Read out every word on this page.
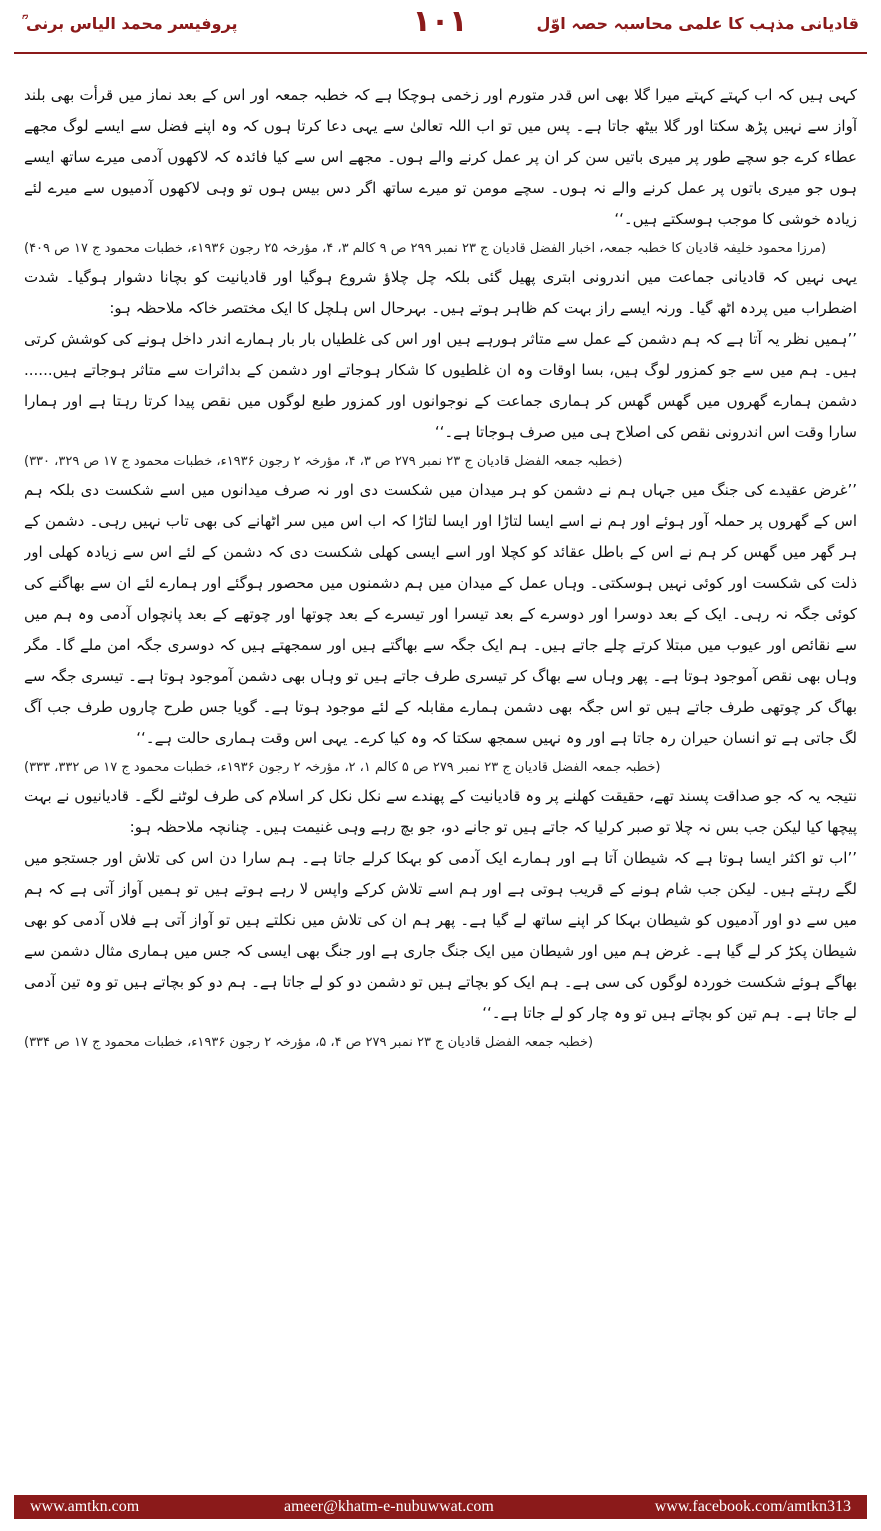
پروفیسر محمد الیاس برنی ؒ	۱۰۱	قادیانی مذہب کا علمی محاسبہ حصہ اوّل

کہی ہیں کہ اب کہتے کہتے میرا گلا بھی اس قدر متورم اور زخمی ہوچکا ہے کہ خطبہ جمعہ اور اس کے بعد نماز میں قرأت بھی بلند آواز سے نہیں پڑھ سکتا اور گلا بیٹھ جاتا ہے۔ پس میں تو اب اللہ تعالیٰ سے یہی دعا کرتا ہوں کہ وہ اپنے فضل سے ایسے لوگ مجھے عطاء کرے جو سچے طور پر میری باتیں سن کر ان پر عمل کرنے والے ہوں۔ مجھے اس سے کیا فائدہ کہ لاکھوں آدمی میرے ساتھ ایسے ہوں جو میری باتوں پر عمل کرنے والے نہ ہوں۔ سچے مومن تو میرے ساتھ اگر دس بیس ہوں تو وہی لاکھوں آدمیوں سے میرے لئے زیادہ خوشی کا موجب ہوسکتے ہیں۔‘‘

(مرزا محمود خلیفہ قادیان کا خطبہ جمعہ، اخبار الفضل قادیان ج ۲۳ نمبر ۲۹۹ ص ۹ کالم ۳، ۴، مؤرخہ ۲۵ رجون ۱۹۳۶ء، خطبات محمود ج ۱۷ ص ۴۰۹)

یہی نہیں کہ قادیانی جماعت میں اندرونی ابتری پھیل گئی بلکہ چل چلاؤ شروع ہوگیا اور قادیانیت کو بچانا دشوار ہوگیا۔ شدت اضطراب میں پردہ اٹھ گیا۔ ورنہ ایسے راز بہت کم ظاہر ہوتے ہیں۔ بہرحال اس ہلچل کا ایک مختصر خاکہ ملاحظہ ہو:

’’ہمیں نظر یہ آتا ہے کہ ہم دشمن کے عمل سے متاثر ہورہے ہیں اور اس کی غلطیاں بار بار ہمارے اندر داخل ہونے کی کوشش کرتی ہیں۔ ہم میں سے جو کمزور لوگ ہیں، بسا اوقات وہ ان غلطیوں کا شکار ہوجاتے اور دشمن کے بداثرات سے متاثر ہوجاتے ہیں...... دشمن ہمارے گھروں میں گھس گھس کر ہماری جماعت کے نوجوانوں اور کمزور طبع لوگوں میں نقص پیدا کرتا رہتا ہے اور ہمارا سارا وقت اس اندرونی نقص کی اصلاح ہی میں صرف ہوجاتا ہے۔‘‘

(خطبہ جمعہ الفضل قادیان ج ۲۳ نمبر ۲۷۹ ص ۳، ۴، مؤرخہ ۲ رجون ۱۹۳۶ء، خطبات محمود ج ۱۷ ص ۳۲۹، ۳۳۰)

’’غرض عقیدے کی جنگ میں جہاں ہم نے دشمن کو ہر میدان میں شکست دی اور نہ صرف میدانوں میں اسے شکست دی بلکہ ہم اس کے گھروں پر حملہ آور ہوئے اور ہم نے اسے ایسا لتاڑا اور ایسا لتاڑا کہ اب اس میں سر اٹھانے کی بھی تاب نہیں رہی۔ دشمن کے ہر گھر میں گھس کر ہم نے اس کے باطل عقائد کو کچلا اور اسے ایسی کھلی شکست دی کہ دشمن کے لئے اس سے زیادہ کھلی اور ذلت کی شکست اور کوئی نہیں ہوسکتی۔ وہاں عمل کے میدان میں ہم دشمنوں میں محصور ہوگئے اور ہمارے لئے ان سے بھاگنے کی کوئی جگہ نہ رہی۔ ایک کے بعد دوسرا اور دوسرے کے بعد تیسرا اور تیسرے کے بعد چوتھا اور چوتھے کے بعد پانچواں آدمی وہ ہم میں سے نقائص اور عیوب میں مبتلا کرتے چلے جاتے ہیں۔ ہم ایک جگہ سے بھاگتے ہیں اور سمجھتے ہیں کہ دوسری جگہ امن ملے گا۔ مگر وہاں بھی نقص آموجود ہوتا ہے۔ پھر وہاں سے بھاگ کر تیسری طرف جاتے ہیں تو وہاں بھی دشمن آموجود ہوتا ہے۔ تیسری جگہ سے بھاگ کر چوتھی طرف جاتے ہیں تو اس جگہ بھی دشمن ہمارے مقابلہ کے لئے موجود ہوتا ہے۔ گویا جس طرح چاروں طرف جب آگ لگ جاتی ہے تو انسان حیران رہ جاتا ہے اور وہ نہیں سمجھ سکتا کہ وہ کیا کرے۔ یہی اس وقت ہماری حالت ہے۔‘‘

(خطبہ جمعہ الفضل قادیان ج ۲۳ نمبر ۲۷۹ ص ۵ کالم ۱، ۲، مؤرخہ ۲ رجون ۱۹۳۶ء، خطبات محمود ج ۱۷ ص ۳۳۲، ۳۳۳)

نتیجہ یہ کہ جو صداقت پسند تھے، حقیقت کھلنے پر وہ قادیانیت کے پھندے سے نکل نکل کر اسلام کی طرف لوٹنے لگے۔ قادیانیوں نے بہت پیچھا کیا لیکن جب بس نہ چلا تو صبر کرلیا کہ جاتے ہیں تو جانے دو، جو بچ رہے وہی غنیمت ہیں۔ چنانچہ ملاحظہ ہو:

’’اب تو اکثر ایسا ہوتا ہے کہ شیطان آتا ہے اور ہمارے ایک آدمی کو بہکا کرلے جاتا ہے۔ ہم سارا دن اس کی تلاش اور جستجو میں لگے رہتے ہیں۔ لیکن جب شام ہونے کے قریب ہوتی ہے اور ہم اسے تلاش کرکے واپس لا رہے ہوتے ہیں تو ہمیں آواز آتی ہے کہ ہم میں سے دو اور آدمیوں کو شیطان بہکا کر اپنے ساتھ لے گیا ہے۔ پھر ہم ان کی تلاش میں نکلتے ہیں تو آواز آتی ہے فلاں آدمی کو بھی شیطان پکڑ کر لے گیا ہے۔ غرض ہم میں اور شیطان میں ایک جنگ جاری ہے اور جنگ بھی ایسی کہ جس میں ہماری مثال دشمن سے بھاگے ہوئے شکست خوردہ لوگوں کی سی ہے۔ ہم ایک کو بچاتے ہیں تو دشمن دو کو لے جاتا ہے۔ ہم دو کو بچاتے ہیں تو وہ تین آدمی لے جاتا ہے۔ ہم تین کو بچاتے ہیں تو وہ چار کو لے جاتا ہے۔‘‘

(خطبہ جمعہ الفضل قادیان ج ۲۳ نمبر ۲۷۹ ص ۴، ۵، مؤرخہ ۲ رجون ۱۹۳۶ء، خطبات محمود ج ۱۷ ص ۳۳۴)

www.amtkn.com	ameer@khatm-e-nubuwwat.com	www.facebook.com/amtkn313
